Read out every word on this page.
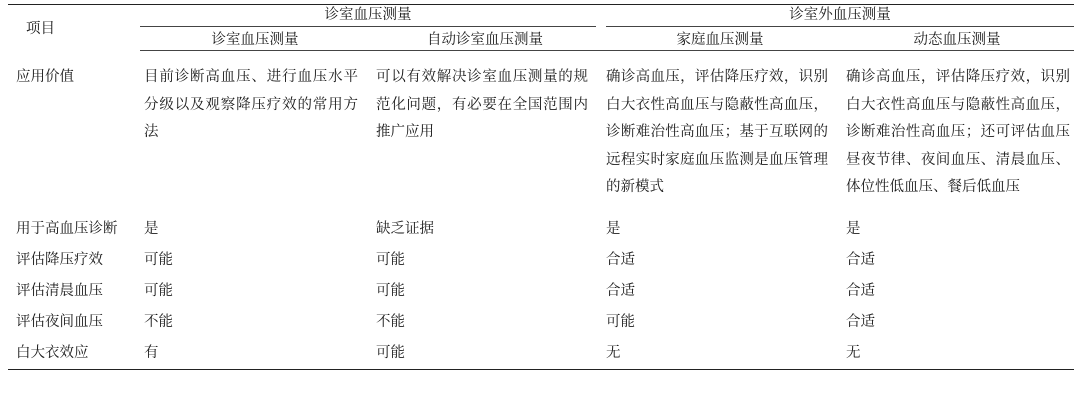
项目	诊室血压测量		诊室外血压测量	

	诊室血压测量	自动诊室血压测量	家庭血压测量	动态血压测量
应用价值	目前诊断高血压、进行血压水平分级以及观察降压疗效的常用方法	可以有效解决诊室血压测量的规范化问题，有必要在全国范围内推广应用	确诊高血压，评估降压疗效，识别白大衣性高血压与隐蔽性高血压，诊断难治性高血压；基于互联网的远程实时家庭血压监测是血压管理的新模式	确诊高血压，评估降压疗效，识别白大衣性高血压与隐蔽性高血压，诊断难治性高血压；还可评估血压昼夜节律、夜间血压、清晨血压、体位性低血压、餐后低血压
用于高血压诊断	是	缺乏证据	是	是
评估降压疗效	可能	可能	合适	合适
评估清晨血压	可能	可能	合适	合适
评估夜间血压	不能	不能	可能	合适
白大衣效应	有	可能	无	无
